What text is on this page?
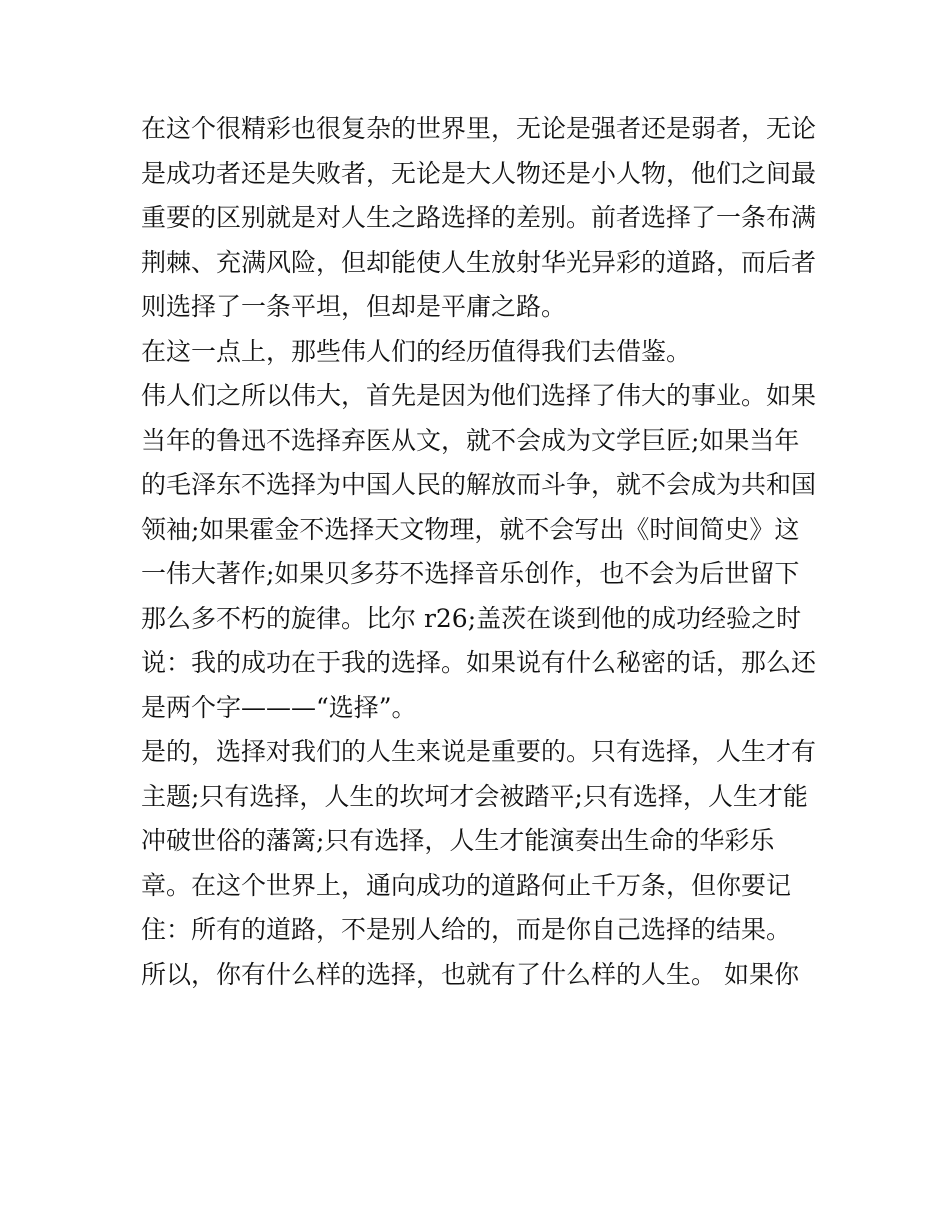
在这个很精彩也很复杂的世界里，无论是强者还是弱者，无论
是成功者还是失败者，无论是大人物还是小人物，他们之间最
重要的区别就是对人生之路选择的差别。前者选择了一条布满
荆棘、充满风险，但却能使人生放射华光异彩的道路，而后者
则选择了一条平坦，但却是平庸之路。
在这一点上，那些伟人们的经历值得我们去借鉴。
伟人们之所以伟大，首先是因为他们选择了伟大的事业。如果
当年的鲁迅不选择弃医从文，就不会成为文学巨匠;如果当年
的毛泽东不选择为中国人民的解放而斗争，就不会成为共和国
领袖;如果霍金不选择天文物理，就不会写出《时间简史》这
一伟大著作;如果贝多芬不选择音乐创作，也不会为后世留下
那么多不朽的旋律。比尔 r26;盖茨在谈到他的成功经验之时
说：我的成功在于我的选择。如果说有什么秘密的话，那么还
是两个字———“选择”。
是的，选择对我们的人生来说是重要的。只有选择，人生才有
主题;只有选择，人生的坎坷才会被踏平;只有选择，人生才能
冲破世俗的藩篱;只有选择，人生才能演奏出生命的华彩乐
章。在这个世界上，通向成功的道路何止千万条，但你要记
住：所有的道路，不是别人给的，而是你自己选择的结果。
所以，你有什么样的选择，也就有了什么样的人生。 如果你
